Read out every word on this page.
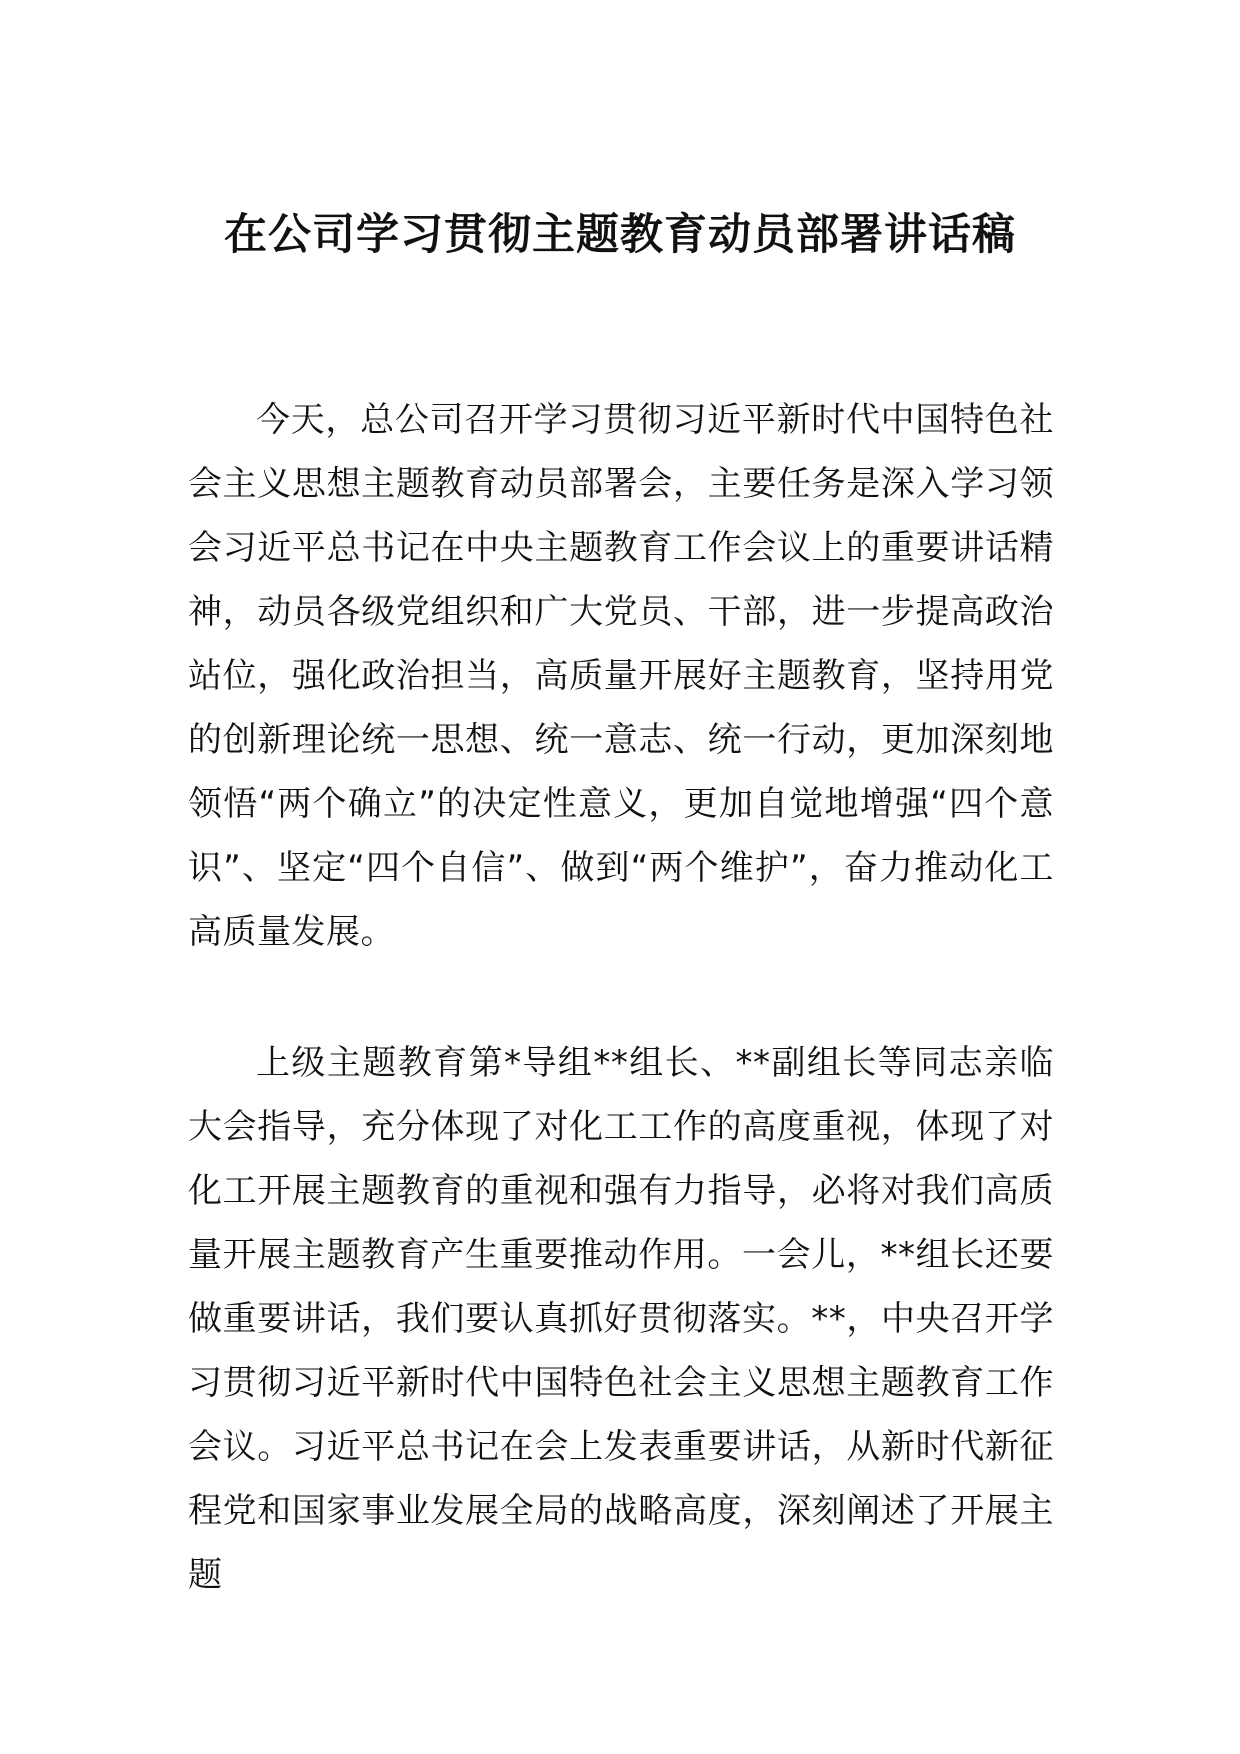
在公司学习贯彻主题教育动员部署讲话稿

今天，总公司召开学习贯彻习近平新时代中国特色社会主义思想主题教育动员部署会，主要任务是深入学习领会习近平总书记在中央主题教育工作会议上的重要讲话精神，动员各级党组织和广大党员、干部，进一步提高政治站位，强化政治担当，高质量开展好主题教育，坚持用党的创新理论统一思想、统一意志、统一行动，更加深刻地领悟“两个确立”的决定性意义，更加自觉地增强“四个意识”、坚定“四个自信”、做到“两个维护”，奋力推动化工高质量发展。

上级主题教育第*导组**组长、**副组长等同志亲临大会指导，充分体现了对化工工作的高度重视，体现了对化工开展主题教育的重视和强有力指导，必将对我们高质量开展主题教育产生重要推动作用。一会儿，**组长还要做重要讲话，我们要认真抓好贯彻落实。**，中央召开学习贯彻习近平新时代中国特色社会主义思想主题教育工作会议。习近平总书记在会上发表重要讲话，从新时代新征程党和国家事业发展全局的战略高度，深刻阐述了开展主题
